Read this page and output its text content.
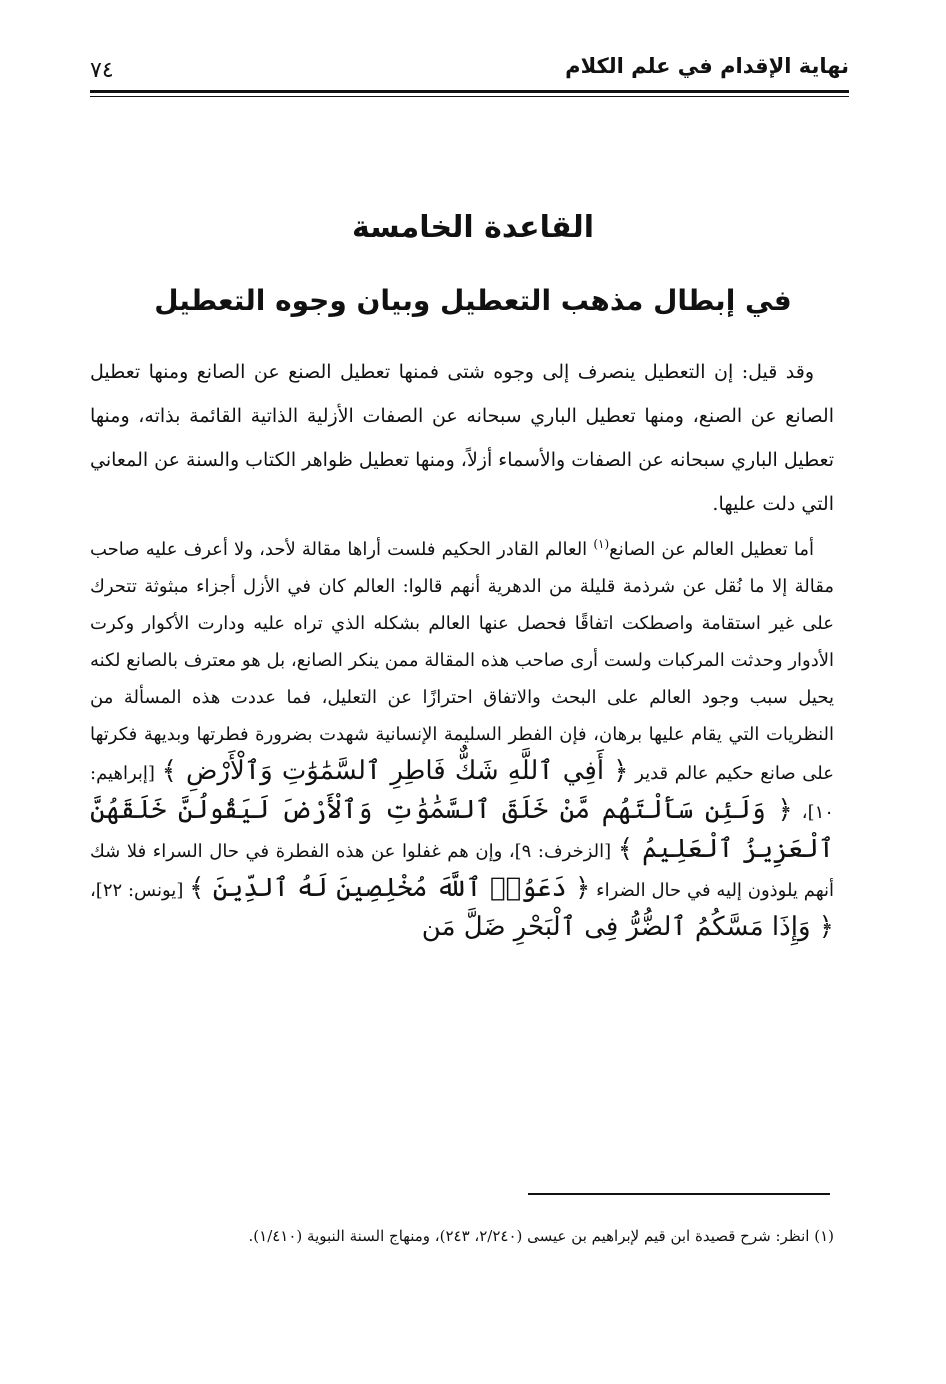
نهاية الإقدام في علم الكلام
٧٤
القاعدة الخامسة
في إبطال مذهب التعطيل وبيان وجوه التعطيل

وقد قيل: إن التعطيل ينصرف إلى وجوه شتى فمنها تعطيل الصنع عن الصانع ومنها تعطيل الصانع عن الصنع، ومنها تعطيل الباري سبحانه عن الصفات الأزلية الذاتية القائمة بذاته، ومنها تعطيل الباري سبحانه عن الصفات والأسماء أزلاً، ومنها تعطيل ظواهر الكتاب والسنة عن المعاني التي دلت عليها.

أما تعطيل العالم عن الصانع$^{(١)}$ العالم القادر الحكيم فلست أراها مقالة لأحد، ولا أعرف عليه صاحب مقالة إلا ما نُقل عن شرذمة قليلة من الدهرية أنهم قالوا: العالم كان في الأزل أجزاء مبثوثة تتحرك على غير استقامة واصطكت اتفاقًا فحصل عنها العالم بشكله الذي تراه عليه ودارت الأكوار وكرت الأدوار وحدثت المركبات ولست أرى صاحب هذه المقالة ممن ينكر الصانع، بل هو معترف بالصانع لكنه يحيل سبب وجود العالم على البحث والاتفاق احترازًا عن التعليل، فما عددت هذه المسألة من النظريات التي يقام عليها برهان، فإن الفطر السليمة الإنسانية شهدت بضرورة فطرتها وبديهة فكرتها على صانع حكيم عالم قدير ﴿ أَفِي ٱللَّهِ شَكٌّ فَاطِرِ ٱلسَّمَٰوَٰتِ وَٱلْأَرْضِ ﴾ [إبراهيم: ١٠]، ﴿ وَلَئِن سَأَلْتَهُم مَّنْ خَلَقَ ٱلسَّمَٰوَٰتِ وَٱلْأَرْضَ لَيَقُولُنَّ خَلَقَهُنَّ ٱلْعَزِيزُ ٱلْعَلِيمُ ﴾ [الزخرف: ٩]، وإن هم غفلوا عن هذه الفطرة في حال السراء فلا شك أنهم يلوذون إليه في حال الضراء ﴿ دَعَوُا۟ ٱللَّهَ مُخْلِصِينَ لَهُ ٱلدِّينَ ﴾ [يونس: ٢٢]، ﴿ وَإِذَا مَسَّكُمُ ٱلضُّرُّ فِى ٱلْبَحْرِ ضَلَّ مَن

(١) انظر: شرح قصيدة ابن قيم لإبراهيم بن عيسى (٢/٢٤٠، ٢٤٣)، ومنهاج السنة النبوية (١/٤١٠).
